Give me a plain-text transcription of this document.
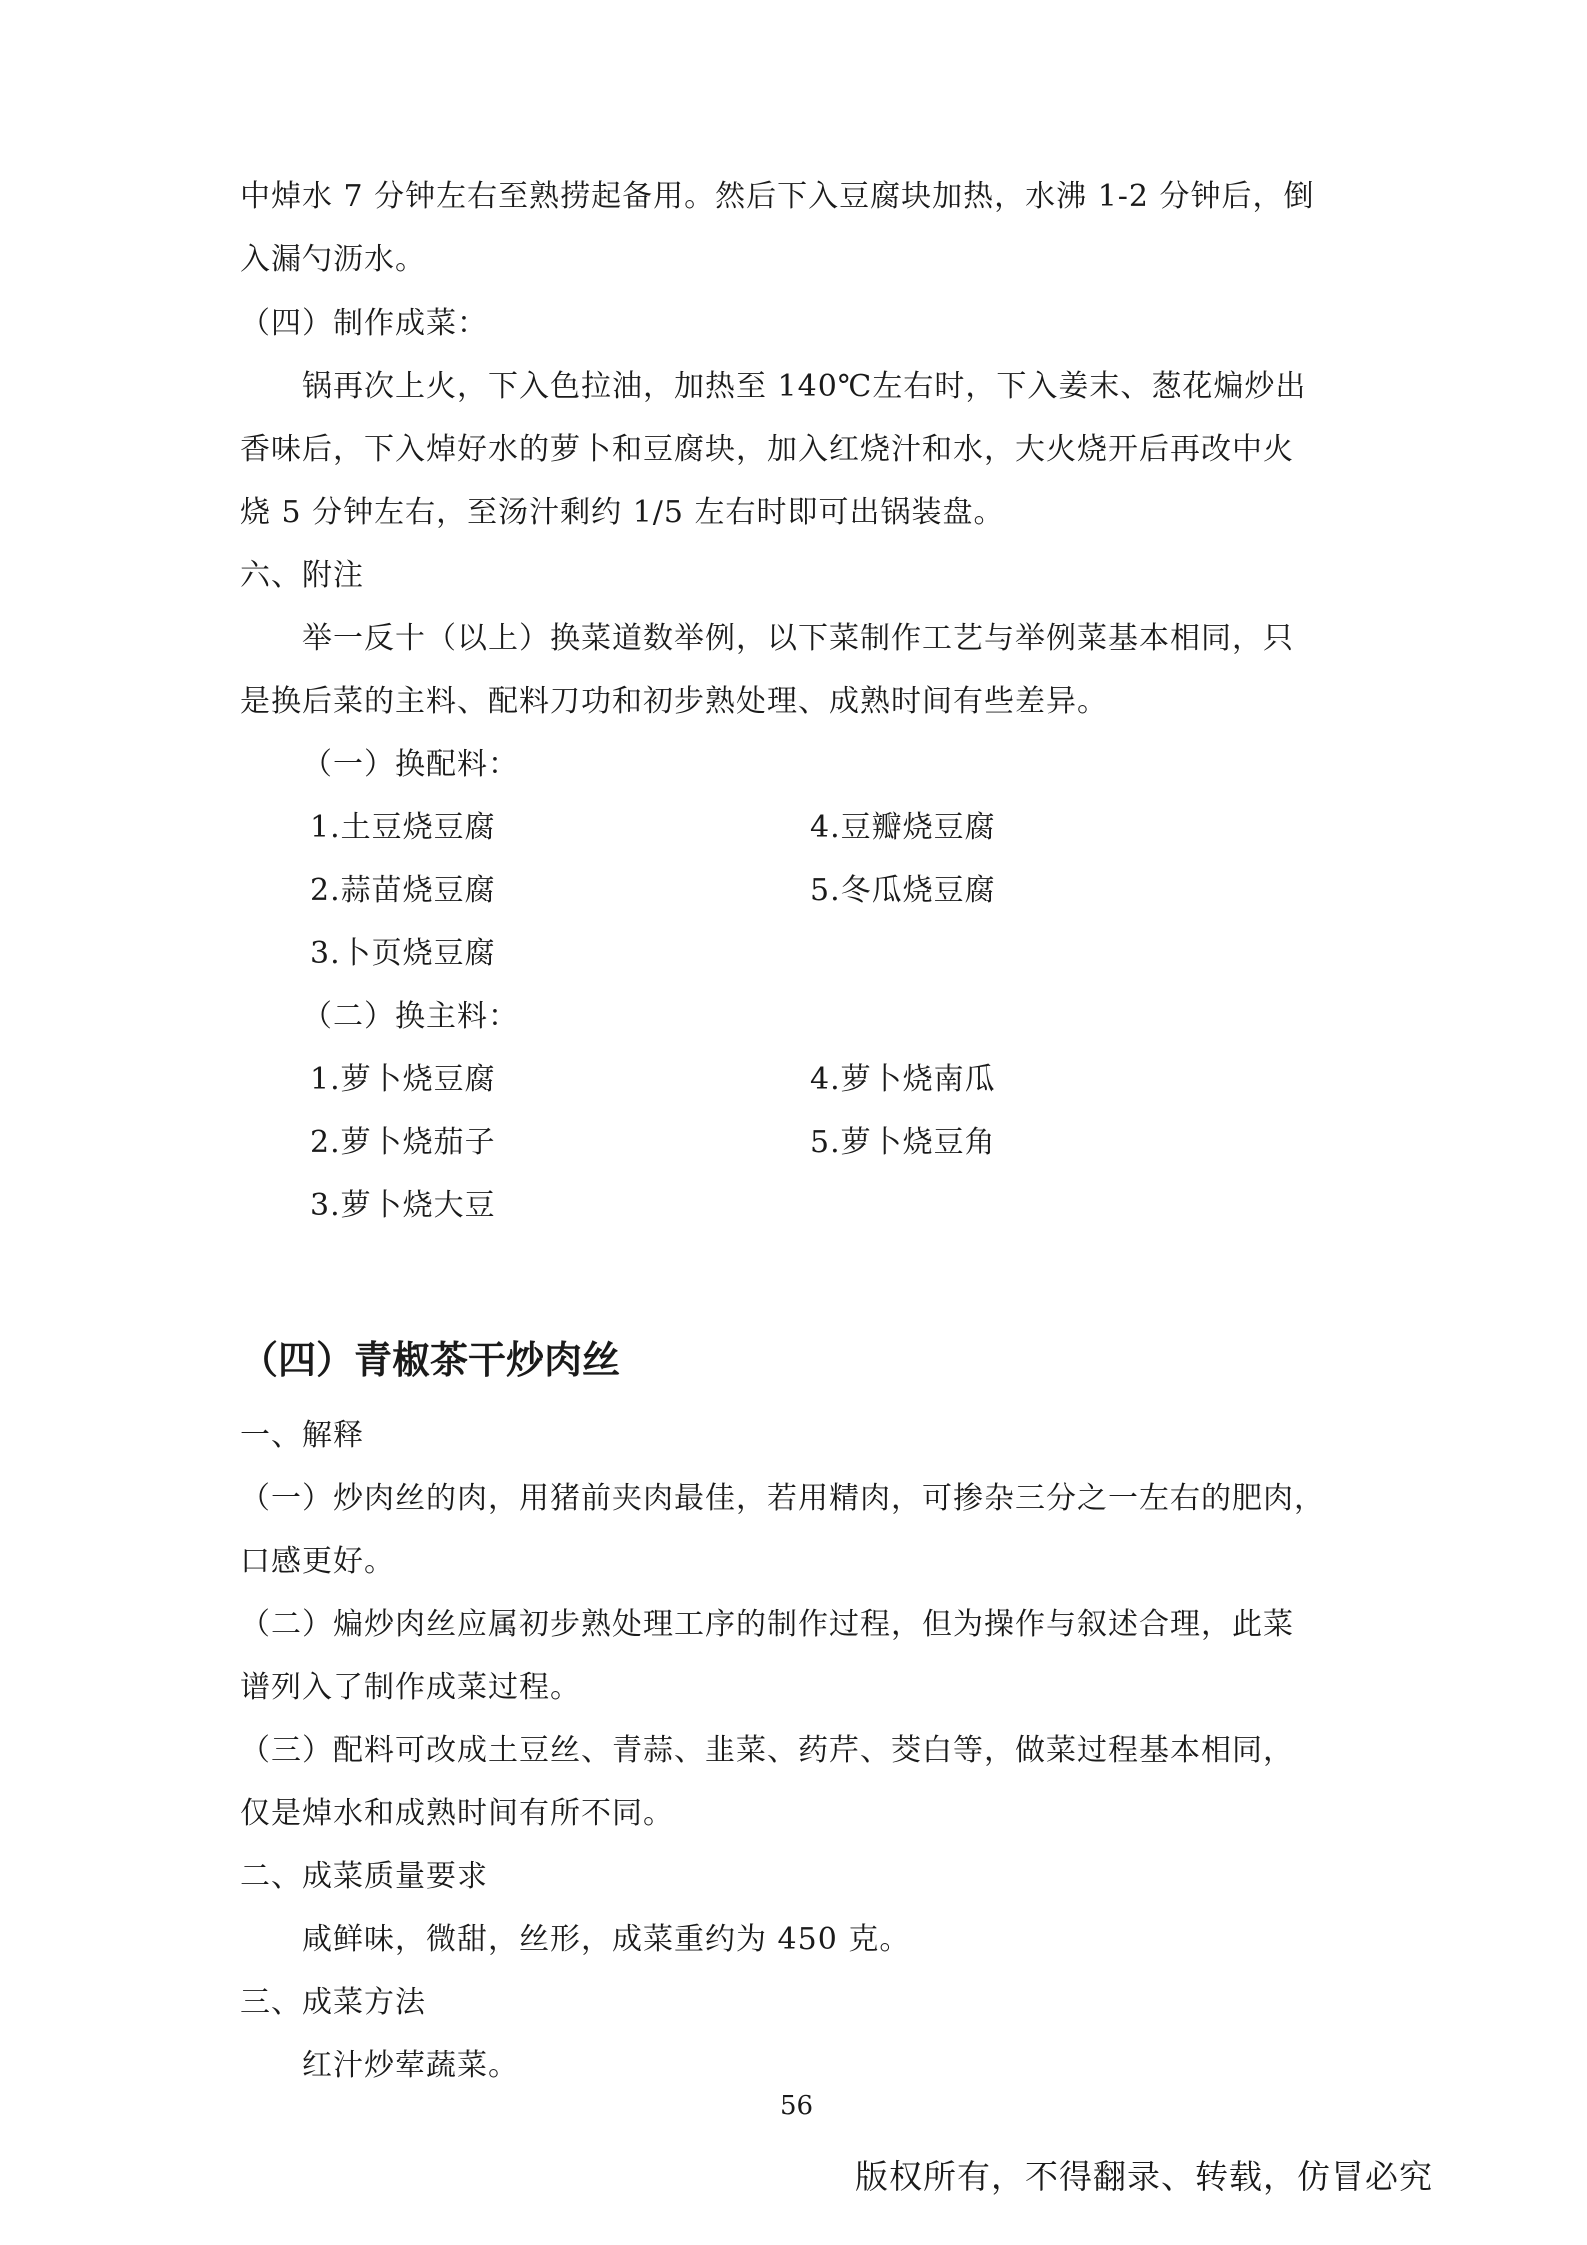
中焯水 7 分钟左右至熟捞起备用。然后下入豆腐块加热，水沸 1-2 分钟后，倒
入漏勺沥水。
（四）制作成菜：
锅再次上火，下入色拉油，加热至 140℃左右时，下入姜末、葱花煸炒出
香味后，下入焯好水的萝卜和豆腐块，加入红烧汁和水，大火烧开后再改中火
烧 5 分钟左右，至汤汁剩约 1/5 左右时即可出锅装盘。
六、附注
举一反十（以上）换菜道数举例，以下菜制作工艺与举例菜基本相同，只
是换后菜的主料、配料刀功和初步熟处理、成熟时间有些差异。
（一）换配料：
1.土豆烧豆腐	4.豆瓣烧豆腐
2.蒜苗烧豆腐	5.冬瓜烧豆腐
3.卜页烧豆腐
（二）换主料：
1.萝卜烧豆腐	4.萝卜烧南瓜
2.萝卜烧茄子	5.萝卜烧豆角
3.萝卜烧大豆
（四）青椒茶干炒肉丝
一、解释
（一）炒肉丝的肉，用猪前夹肉最佳，若用精肉，可掺杂三分之一左右的肥肉，
口感更好。
（二）煸炒肉丝应属初步熟处理工序的制作过程，但为操作与叙述合理，此菜
谱列入了制作成菜过程。
（三）配料可改成土豆丝、青蒜、韭菜、药芹、茭白等，做菜过程基本相同，
仅是焯水和成熟时间有所不同。
二、成菜质量要求
咸鲜味，微甜，丝形，成菜重约为 450 克。
三、成菜方法
红汁炒荤蔬菜。
56
版权所有，不得翻录、转载，仿冒必究
